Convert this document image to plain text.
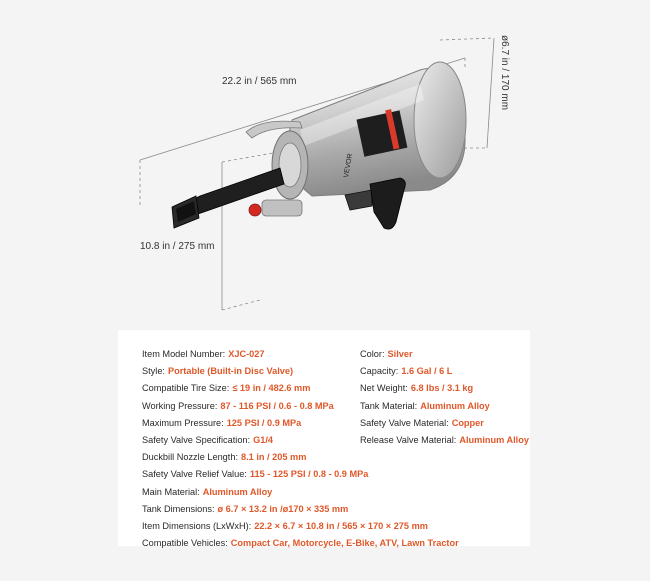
VEVOR
22.2 in / 565 mm	ø6.7 in / 170 mm
10.8 in / 275 mm
Item Model Number: XJC-027
Style: Portable (Built-in Disc Valve)
Compatible Tire Size: ≤ 19 in / 482.6 mm
Working Pressure: 87 - 116 PSI / 0.6 - 0.8 MPa
Maximum Pressure: 125 PSI / 0.9 MPa
Safety Valve Specification: G1/4
Duckbill Nozzle Length: 8.1 in / 205 mm
Safety Valve Relief Value: 115 - 125 PSI / 0.8 - 0.9 MPa
Main Material: Aluminum Alloy
Tank Dimensions: ø 6.7 × 13.2 in /ø170 × 335 mm
Item Dimensions (LxWxH): 22.2 × 6.7 × 10.8 in / 565 × 170 × 275 mm
Compatible Vehicles: Compact Car, Motorcycle, E-Bike, ATV, Lawn Tractor
Color: Silver
Capacity: 1.6 Gal / 6 L
Net Weight: 6.8 lbs / 3.1 kg
Tank Material: Aluminum Alloy
Safety Valve Material: Copper
Release Valve Material: Aluminum Alloy
